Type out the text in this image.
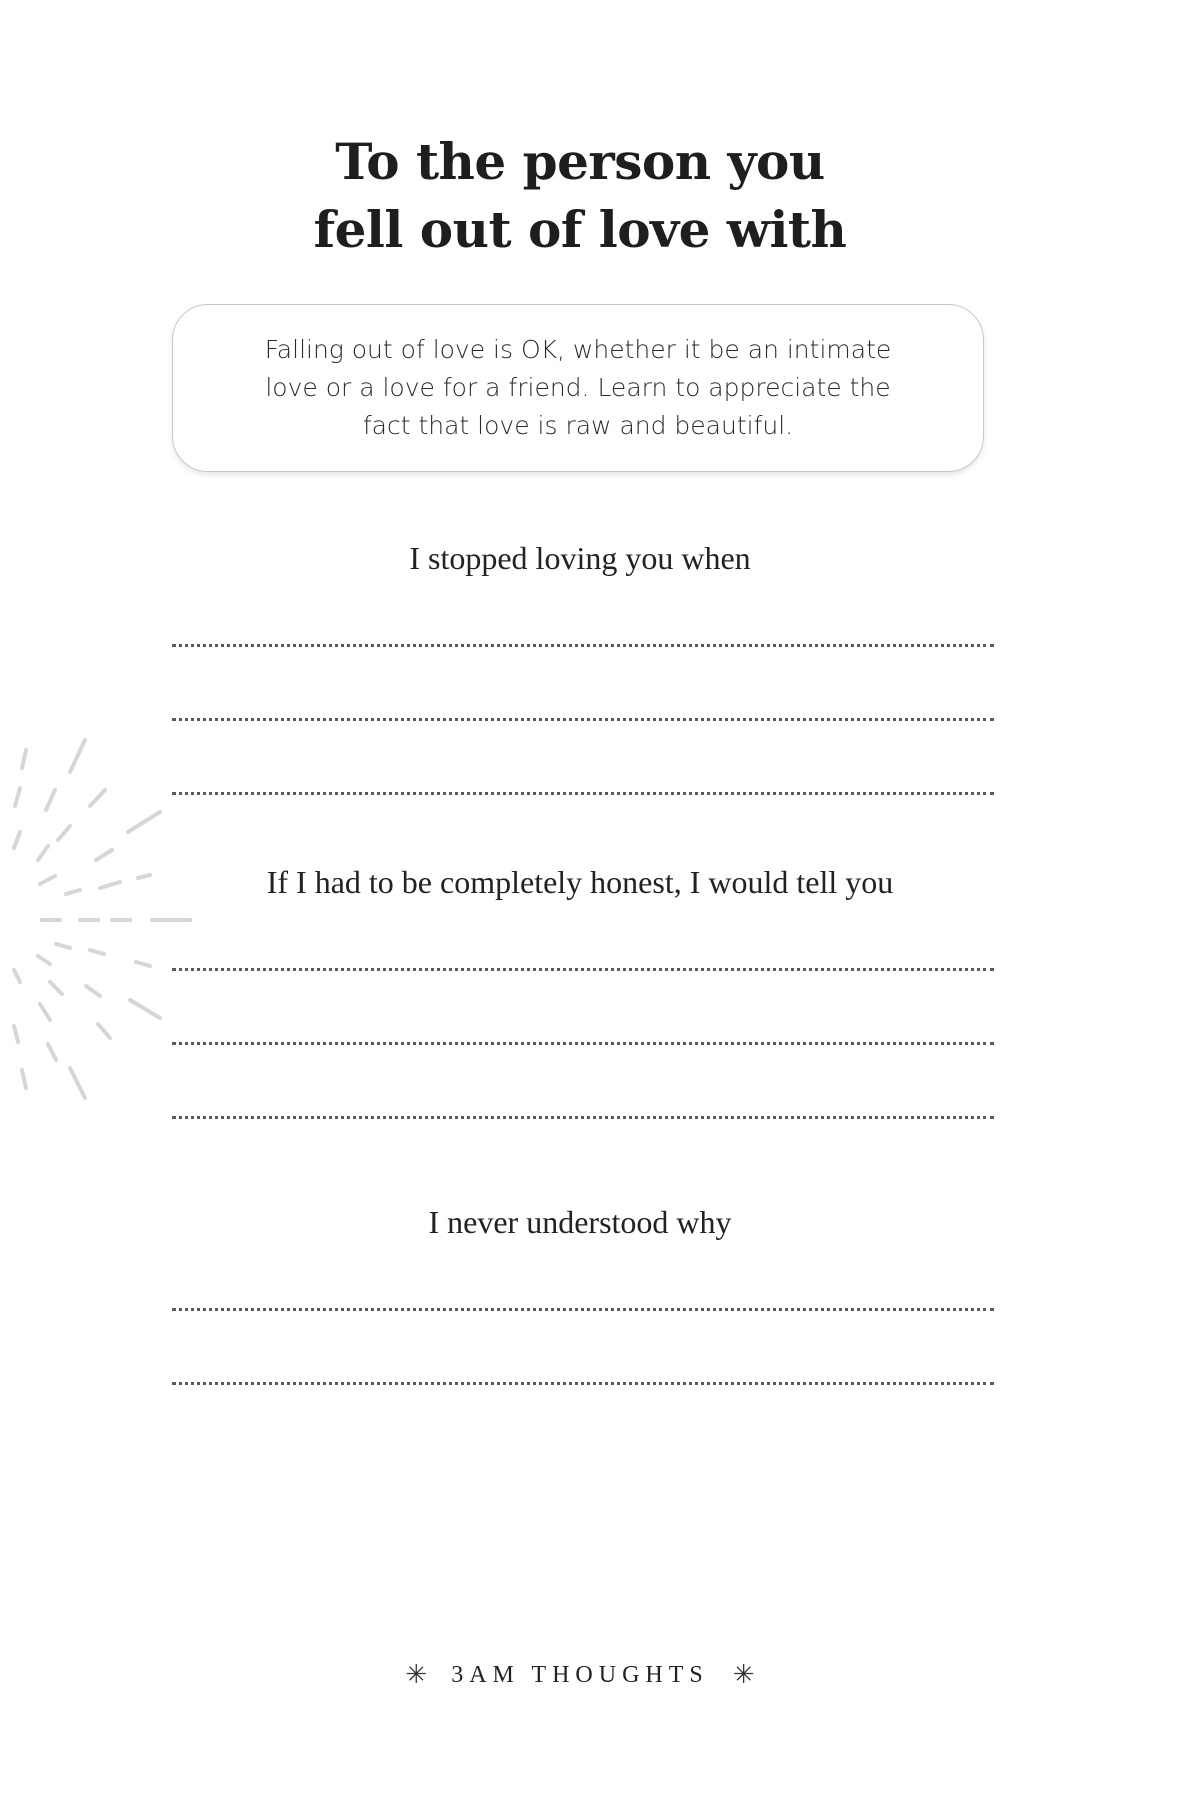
To the person you
fell out of love with
Falling out of love is OK, whether it be an intimate love or a love for a friend. Learn to appreciate the fact that love is raw and beautiful.
I stopped loving you when
If I had to be completely honest, I would tell you
I never understood why
✳ 3AM THOUGHTS ✳
